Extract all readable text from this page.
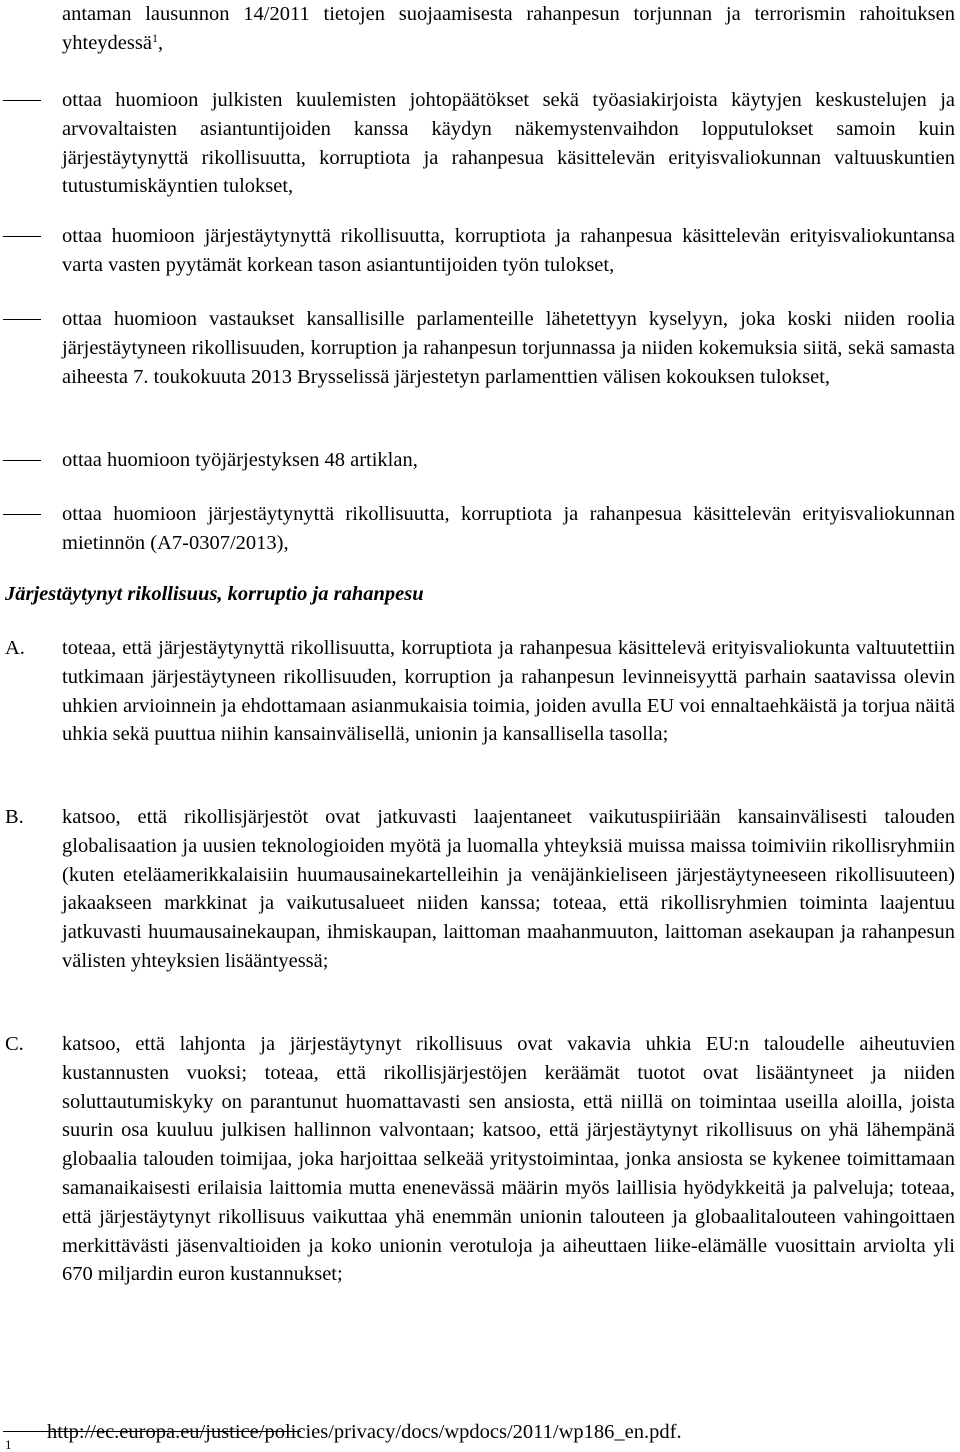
antaman lausunnon 14/2011 tietojen suojaamisesta rahanpesun torjunnan ja terrorismin rahoituksen yhteydessä$^1$,

ottaa huomioon julkisten kuulemisten johtopäätökset sekä työasiakirjoista käytyjen keskustelujen ja arvovaltaisten asiantuntijoiden kanssa käydyn näkemystenvaihdon lopputulokset samoin kuin järjestäytynyttä rikollisuutta, korruptiota ja rahanpesua käsittelevän erityisvaliokunnan valtuuskuntien tutustumiskäyntien tulokset,

ottaa huomioon järjestäytynyttä rikollisuutta, korruptiota ja rahanpesua käsittelevän erityisvaliokuntansa varta vasten pyytämät korkean tason asiantuntijoiden työn tulokset,

ottaa huomioon vastaukset kansallisille parlamenteille lähetettyyn kyselyyn, joka koski niiden roolia järjestäytyneen rikollisuuden, korruption ja rahanpesun torjunnassa ja niiden kokemuksia siitä, sekä samasta aiheesta 7. toukokuuta 2013 Brysselissä järjestetyn parlamenttien välisen kokouksen tulokset,

ottaa huomioon työjärjestyksen 48 artiklan,

ottaa huomioon järjestäytynyttä rikollisuutta, korruptiota ja rahanpesua käsittelevän erityisvaliokunnan mietinnön (A7-0307/2013),

Järjestäytynyt rikollisuus, korruptio ja rahanpesu
A. toteaa, että järjestäytynyttä rikollisuutta, korruptiota ja rahanpesua käsittelevä erityisvaliokunta valtuutettiin tutkimaan järjestäytyneen rikollisuuden, korruption ja rahanpesun levinneisyyttä parhain saatavissa olevin uhkien arvioinnein ja ehdottamaan asianmukaisia toimia, joiden avulla EU voi ennaltaehkäistä ja torjua näitä uhkia sekä puuttua niihin kansainvälisellä, unionin ja kansallisella tasolla;

B. katsoo, että rikollisjärjestöt ovat jatkuvasti laajentaneet vaikutuspiiriään kansainvälisesti talouden globalisaation ja uusien teknologioiden myötä ja luomalla yhteyksiä muissa maissa toimiviin rikollisryhmiin (kuten eteläamerikkalaisiin huumausainekartelleihin ja venäjänkieliseen järjestäytyneeseen rikollisuuteen) jakaakseen markkinat ja vaikutusalueet niiden kanssa; toteaa, että rikollisryhmien toiminta laajentuu jatkuvasti huumausainekaupan, ihmiskaupan, laittoman maahanmuuton, laittoman asekaupan ja rahanpesun välisten yhteyksien lisääntyessä;

C. katsoo, että lahjonta ja järjestäytynyt rikollisuus ovat vakavia uhkia EU:n taloudelle aiheutuvien kustannusten vuoksi; toteaa, että rikollisjärjestöjen keräämät tuotot ovat lisääntyneet ja niiden soluttautumiskyky on parantunut huomattavasti sen ansiosta, että niillä on toimintaa useilla aloilla, joista suurin osa kuuluu julkisen hallinnon valvontaan; katsoo, että järjestäytynyt rikollisuus on yhä lähempänä globaalia talouden toimijaa, joka harjoittaa selkeää yritystoimintaa, jonka ansiosta se kykenee toimittamaan samanaikaisesti erilaisia laittomia mutta enenevässä määrin myös laillisia hyödykkeitä ja palveluja; toteaa, että järjestäytynyt rikollisuus vaikuttaa yhä enemmän unionin talouteen ja globaalitalouteen vahingoittaen merkittävästi jäsenvaltioiden ja koko unionin verotuloja ja aiheuttaen liike-elämälle vuosittain arviolta yli 670 miljardin euron kustannukset;

1
http://ec.europa.eu/justice/policies/privacy/docs/wpdocs/2011/wp186_en.pdf.
